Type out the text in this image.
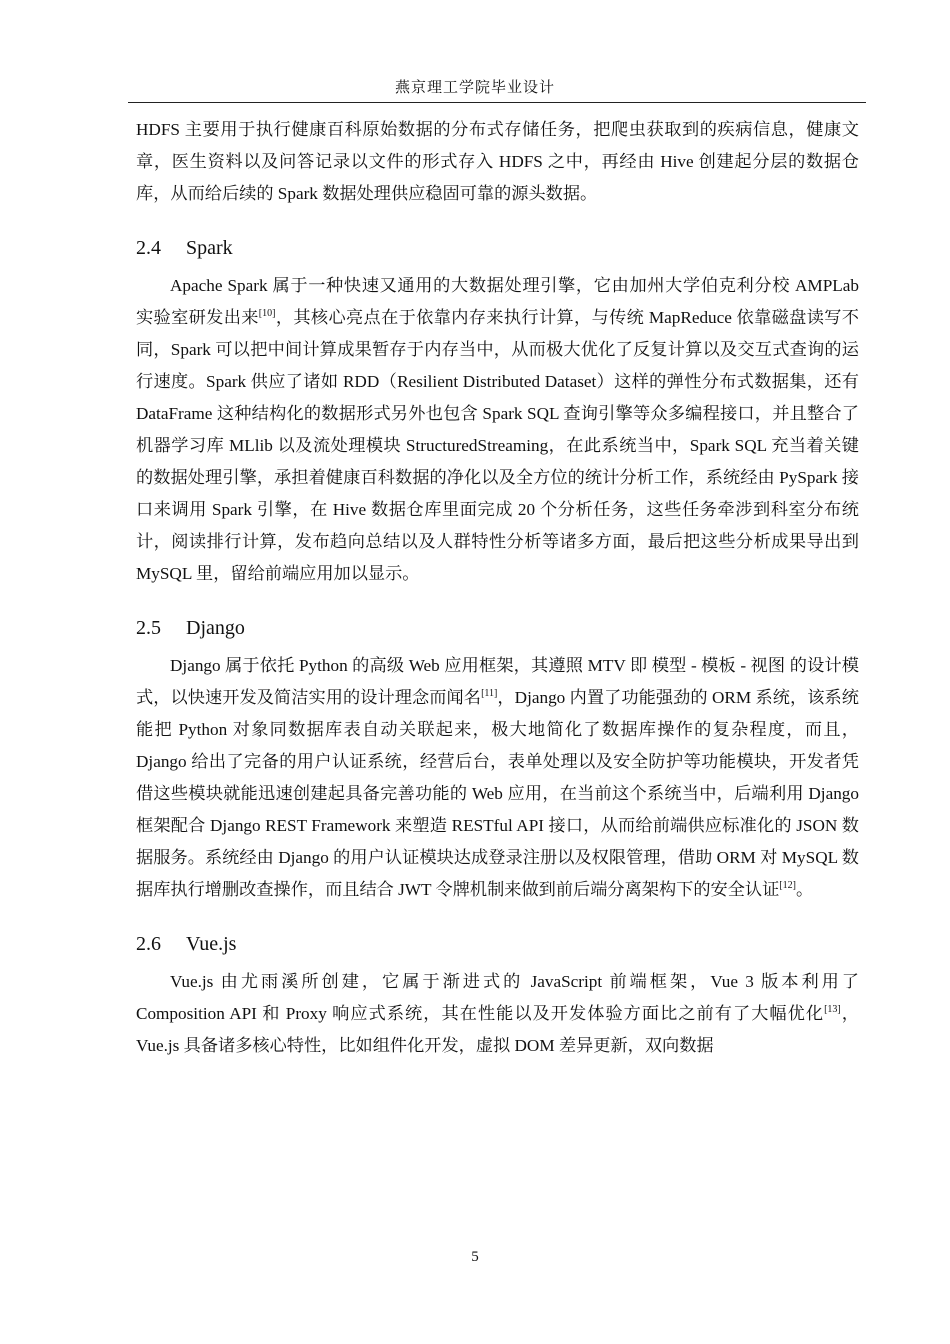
燕京理工学院毕业设计

HDFS 主要用于执行健康百科原始数据的分布式存储任务，把爬虫获取到的疾病信息，健康文章，医生资料以及问答记录以文件的形式存入 HDFS 之中，再经由 Hive 创建起分层的数据仓库，从而给后续的 Spark 数据处理供应稳固可靠的源头数据。

2.4 Spark

Apache Spark 属于一种快速又通用的大数据处理引擎，它由加州大学伯克利分校 AMPLab 实验室研发出来[10]，其核心亮点在于依靠内存来执行计算，与传统 MapReduce 依靠磁盘读写不同，Spark 可以把中间计算成果暂存于内存当中，从而极大优化了反复计算以及交互式查询的运行速度。Spark 供应了诸如 RDD（Resilient Distributed Dataset）这样的弹性分布式数据集，还有 DataFrame 这种结构化的数据形式另外也包含 Spark SQL 查询引擎等众多编程接口，并且整合了机器学习库 MLlib 以及流处理模块 StructuredStreaming，在此系统当中，Spark SQL 充当着关键的数据处理引擎，承担着健康百科数据的净化以及全方位的统计分析工作，系统经由 PySpark 接口来调用 Spark 引擎，在 Hive 数据仓库里面完成 20 个分析任务，这些任务牵涉到科室分布统计，阅读排行计算，发布趋向总结以及人群特性分析等诸多方面，最后把这些分析成果导出到 MySQL 里，留给前端应用加以显示。

2.5 Django

Django 属于依托 Python 的高级 Web 应用框架，其遵照 MTV 即 模型 - 模板 - 视图 的设计模式，以快速开发及简洁实用的设计理念而闻名[11]，Django 内置了功能强劲的 ORM 系统，该系统能把 Python 对象同数据库表自动关联起来，极大地简化了数据库操作的复杂程度，而且，Django 给出了完备的用户认证系统，经营后台，表单处理以及安全防护等功能模块，开发者凭借这些模块就能迅速创建起具备完善功能的 Web 应用，在当前这个系统当中，后端利用 Django 框架配合 Django REST Framework 来塑造 RESTful API 接口，从而给前端供应标准化的 JSON 数据服务。系统经由 Django 的用户认证模块达成登录注册以及权限管理，借助 ORM 对 MySQL 数据库执行增删改查操作，而且结合 JWT 令牌机制来做到前后端分离架构下的安全认证[12]。

2.6 Vue.js

Vue.js 由尤雨溪所创建，它属于渐进式的 JavaScript 前端框架，Vue 3 版本利用了 Composition API 和 Proxy 响应式系统，其在性能以及开发体验方面比之前有了大幅优化[13]，Vue.js 具备诸多核心特性，比如组件化开发，虚拟 DOM 差异更新，双向数据

5
